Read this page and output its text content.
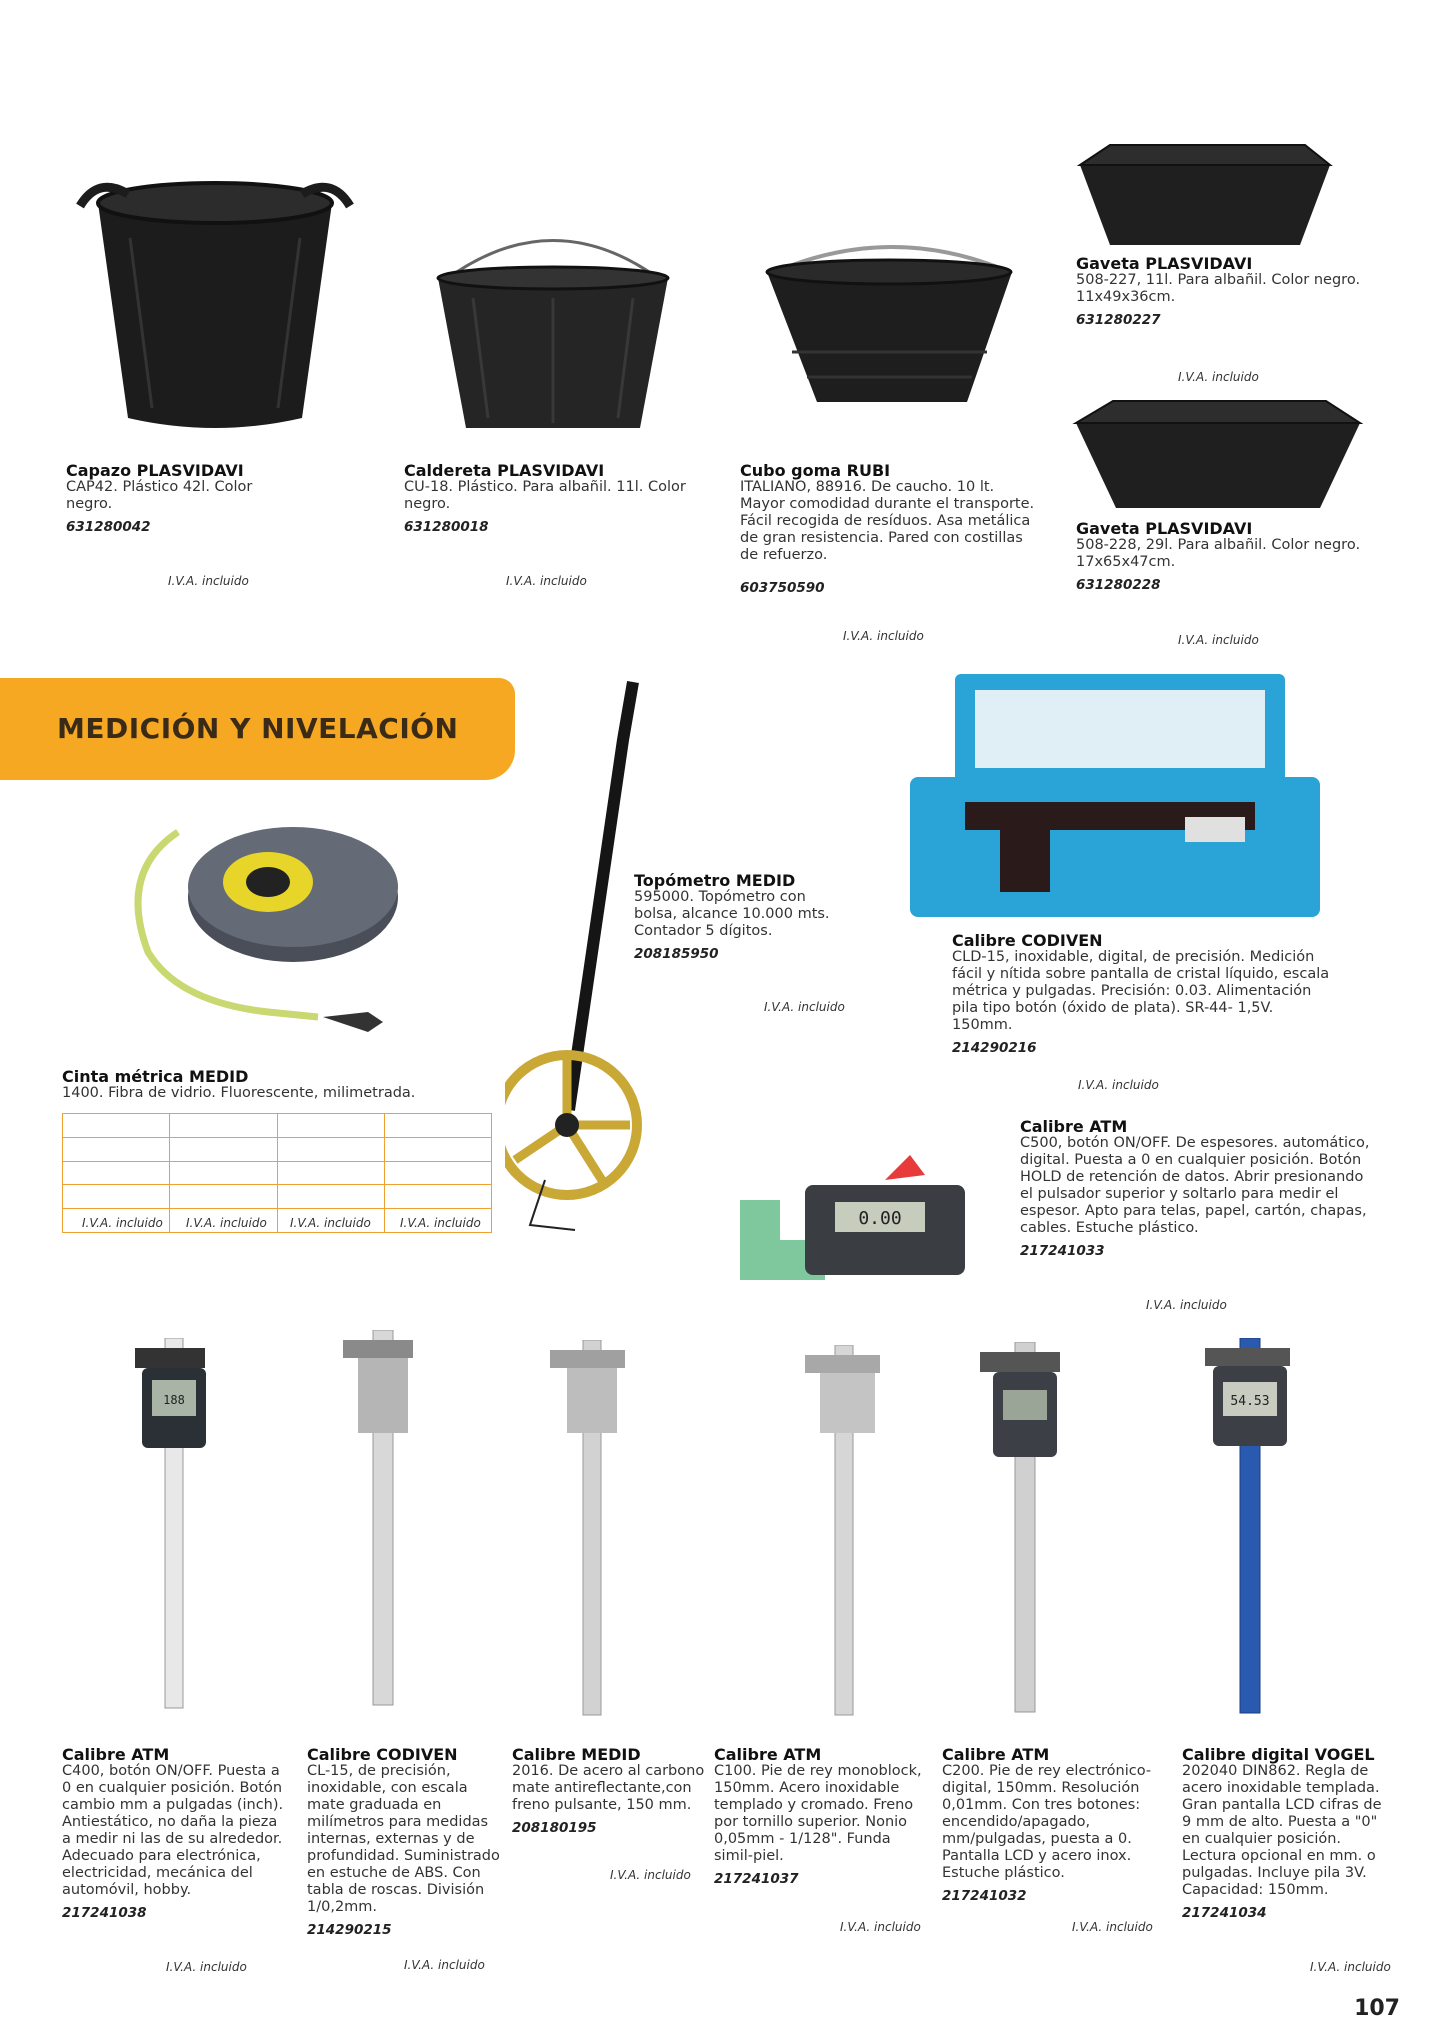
Capazo PLASVIDAVI
CAP42. Plástico 42l. Color negro.
631280042
I.V.A. incluido
Caldereta PLASVIDAVI
CU-18. Plástico. Para albañil. 11l. Color negro.
631280018
I.V.A. incluido
Cubo goma RUBI
ITALIANO, 88916. De caucho. 10 lt. Mayor comodidad durante el transporte. Fácil recogida de resíduos. Asa metálica de gran resistencia. Pared con costillas de refuerzo.
603750590
I.V.A. incluido
Gaveta PLASVIDAVI
508-227, 11l. Para albañil. Color negro. 11x49x36cm.
631280227
I.V.A. incluido
Gaveta PLASVIDAVI
508-228, 29l. Para albañil. Color negro. 17x65x47cm.
631280228
I.V.A. incluido
MEDICIÓN Y NIVELACIÓN
Cinta métrica MEDID
1400. Fibra de vidrio. Fluorescente, milimetrada.

I.V.A. incluido I.V.A. incluido I.V.A. incluido I.V.A. incluido
Topómetro MEDID
595000. Topómetro con bolsa, alcance 10.000 mts. Contador 5 dígitos.
208185950
I.V.A. incluido
Calibre CODIVEN
CLD-15, inoxidable, digital, de precisión. Medición fácil y nítida sobre pantalla de cristal líquido, escala métrica y pulgadas. Precisión: 0.03. Alimentación pila tipo botón (óxido de plata). SR-44- 1,5V. 150mm.
214290216
I.V.A. incluido
0.00
Calibre ATM
C500, botón ON/OFF. De espesores. automático, digital. Puesta a 0 en cualquier posición. Botón HOLD de retención de datos. Abrir presionando el pulsador superior y soltarlo para medir el espesor. Apto para telas, papel, cartón, chapas, cables. Estuche plástico.
217241033
I.V.A. incluido
188	54.53
Calibre ATM
C400, botón ON/OFF. Puesta a 0 en cualquier posición. Botón cambio mm a pulgadas (inch). Antiestático, no daña la pieza a medir ni las de su alrededor. Adecuado para electrónica, electricidad, mecánica del automóvil, hobby.
217241038
I.V.A. incluido
Calibre CODIVEN
CL-15, de precisión, inoxidable, con escala mate graduada en milímetros para medidas internas, externas y de profundidad. Suministrado en estuche de ABS. Con tabla de roscas. División 1/0,2mm.
214290215
I.V.A. incluido
Calibre MEDID
2016. De acero al carbono mate antireflectante,con freno pulsante, 150 mm.
208180195
I.V.A. incluido
Calibre ATM
C100. Pie de rey monoblock, 150mm. Acero inoxidable templado y cromado. Freno por tornillo superior. Nonio 0,05mm - 1/128". Funda simil-piel.
217241037
I.V.A. incluido
Calibre ATM
C200. Pie de rey electrónico-digital, 150mm. Resolución 0,01mm. Con tres botones: encendido/apagado, mm/pulgadas, puesta a 0. Pantalla LCD y acero inox. Estuche plástico.
217241032
I.V.A. incluido
Calibre digital VOGEL
202040 DIN862. Regla de acero inoxidable templada. Gran pantalla LCD cifras de 9 mm de alto. Puesta a "0" en cualquier posición. Lectura opcional en mm. o pulgadas. Incluye pila 3V. Capacidad: 150mm.
217241034
I.V.A. incluido
107
